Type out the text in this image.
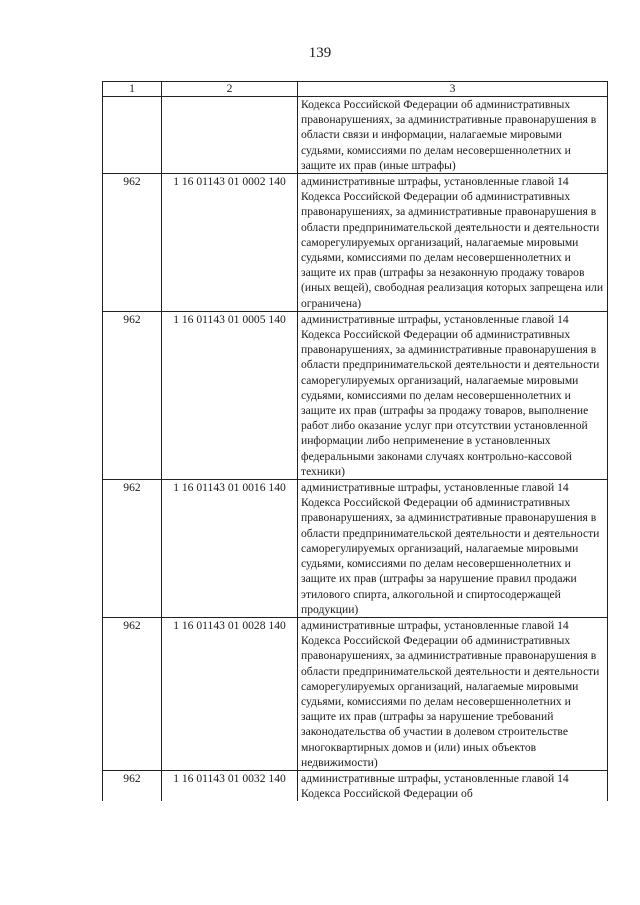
139
1	2	3
		Кодекса Российской Федерации об административных правонарушениях, за административные правонарушения в области связи и информации, налагаемые мировыми судьями, комиссиями по делам несовершеннолетних и защите их прав (иные штрафы)
962	1 16 01143 01 0002 140	административные штрафы, установленные главой 14 Кодекса Российской Федерации об административных правонарушениях, за административные правонарушения в области предпринимательской деятельности и деятельности саморегулируемых организаций, налагаемые мировыми судьями, комиссиями по делам несовершеннолетних и защите их прав (штрафы за незаконную продажу товаров (иных вещей), свободная реализация которых запрещена или ограничена)
962	1 16 01143 01 0005 140	административные штрафы, установленные главой 14 Кодекса Российской Федерации об административных правонарушениях, за административные правонарушения в области предпринимательской деятельности и деятельности саморегулируемых организаций, налагаемые мировыми судьями, комиссиями по делам несовершеннолетних и защите их прав (штрафы за продажу товаров, выполнение работ либо оказание услуг при отсутствии установленной информации либо неприменение в установленных федеральными законами случаях контрольно-кассовой техники)
962	1 16 01143 01 0016 140	административные штрафы, установленные главой 14 Кодекса Российской Федерации об административных правонарушениях, за административные правонарушения в области предпринимательской деятельности и деятельности саморегулируемых организаций, налагаемые мировыми судьями, комиссиями по делам несовершеннолетних и защите их прав (штрафы за нарушение правил продажи этилового спирта, алкогольной и спиртосодержащей продукции)
962	1 16 01143 01 0028 140	административные штрафы, установленные главой 14 Кодекса Российской Федерации об административных правонарушениях, за административные правонарушения в области предпринимательской деятельности и деятельности саморегулируемых организаций, налагаемые мировыми судьями, комиссиями по делам несовершеннолетних и защите их прав (штрафы за нарушение требований законодательства об участии в долевом строительстве многоквартирных домов и (или) иных объектов недвижимости)
962	1 16 01143 01 0032 140	административные штрафы, установленные главой 14 Кодекса Российской Федерации об
